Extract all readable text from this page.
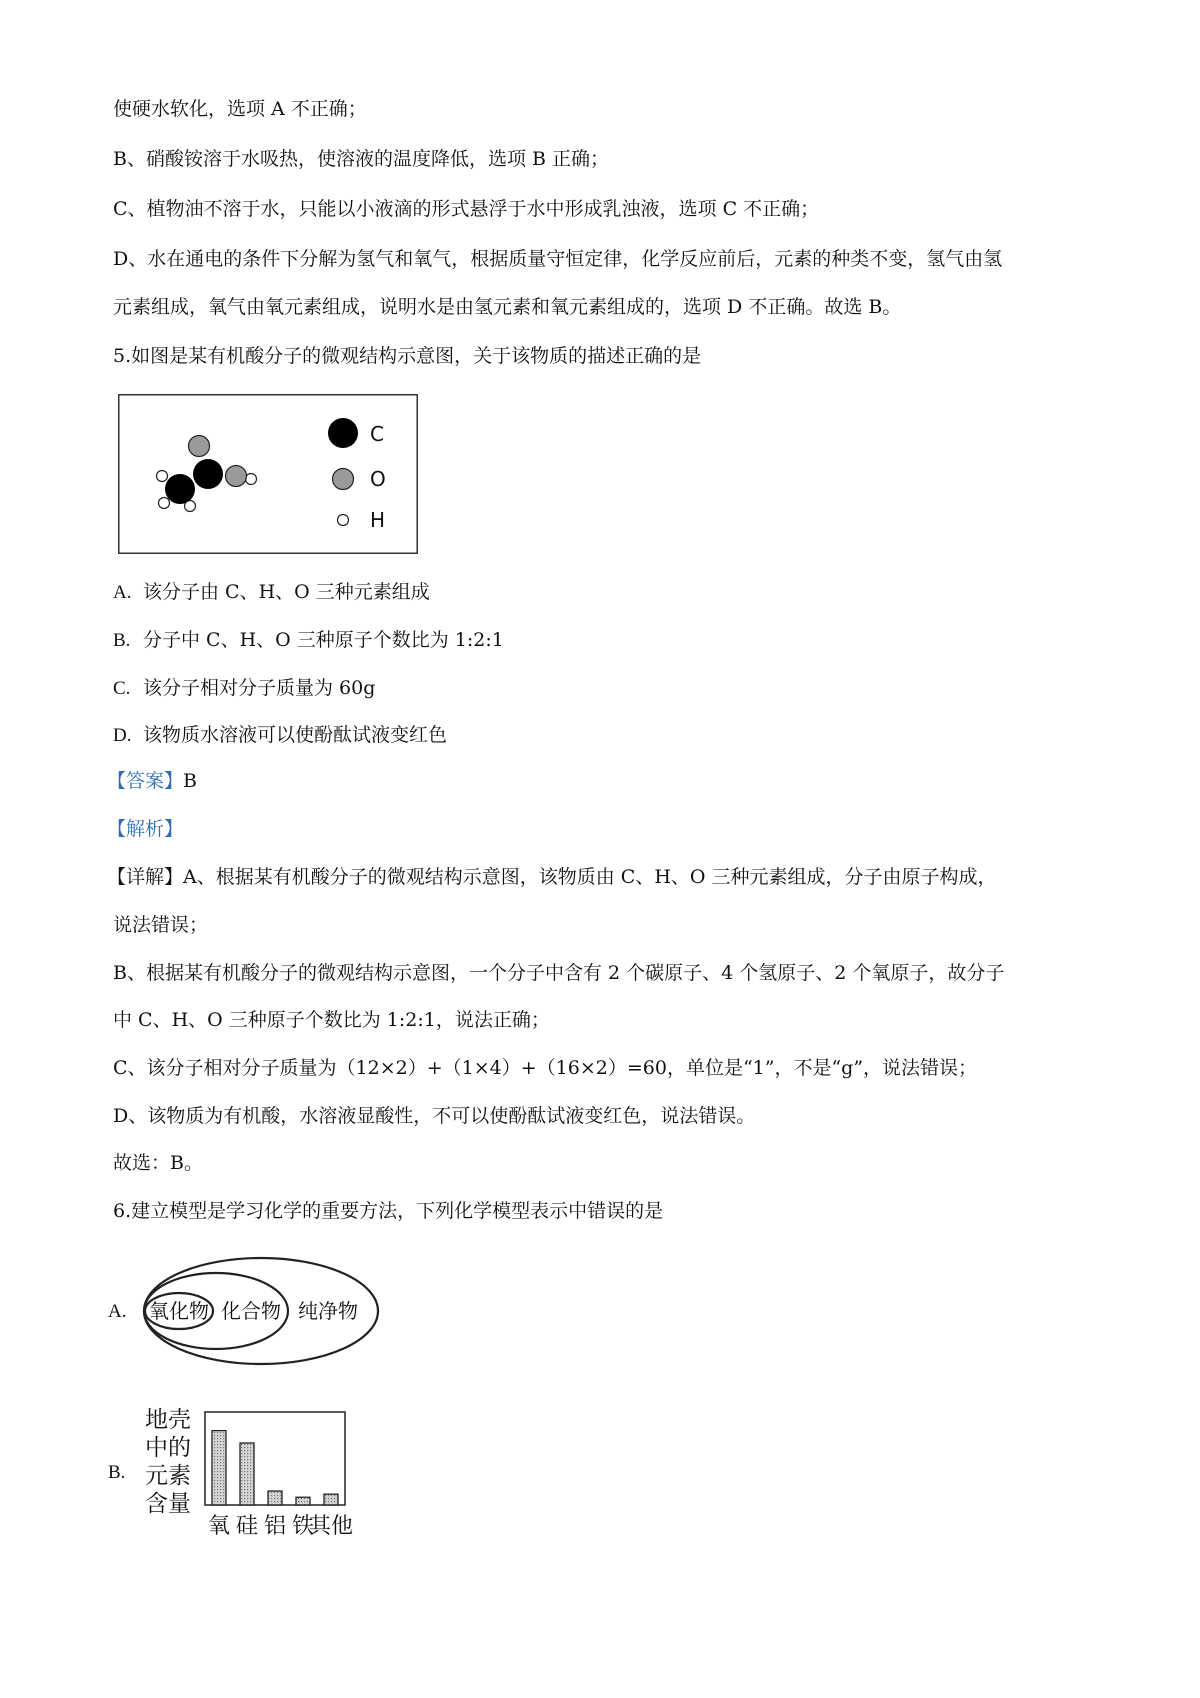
使硬水软化，选项 A 不正确；
B、硝酸铵溶于水吸热，使溶液的温度降低，选项 B 正确；
C、植物油不溶于水，只能以小液滴的形式悬浮于水中形成乳浊液，选项 C 不正确；
D、水在通电的条件下分解为氢气和氧气，根据质量守恒定律，化学反应前后，元素的种类不变，氢气由氢
元素组成，氧气由氧元素组成，说明水是由氢元素和氧元素组成的，选项 D 不正确。故选 B。
5.如图是某有机酸分子的微观结构示意图，关于该物质的描述正确的是
C
O
H
A. 该分子由 C、H、O 三种元素组成
B. 分子中 C、H、O 三种原子个数比为 1:2:1
C. 该分子相对分子质量为 60g
D. 该物质水溶液可以使酚酞试液变红色
【答案】B
【解析】
【详解】A、根据某有机酸分子的微观结构示意图，该物质由 C、H、O 三种元素组成，分子由原子构成，
说法错误；
B、根据某有机酸分子的微观结构示意图，一个分子中含有 2 个碳原子、4 个氢原子、2 个氧原子，故分子
中 C、H、O 三种原子个数比为 1:2:1，说法正确；
C、该分子相对分子质量为（12×2）+（1×4）+（16×2）=60，单位是“1”，不是“g”，说法错误；
D、该物质为有机酸，水溶液显酸性，不可以使酚酞试液变红色，说法错误。
故选：B。
6.建立模型是学习化学的重要方法，下列化学模型表示中错误的是
A. 氧化物 化合物 纯净物
B.
地壳
中的
元素
含量
氧 硅 铝 铁
其他
